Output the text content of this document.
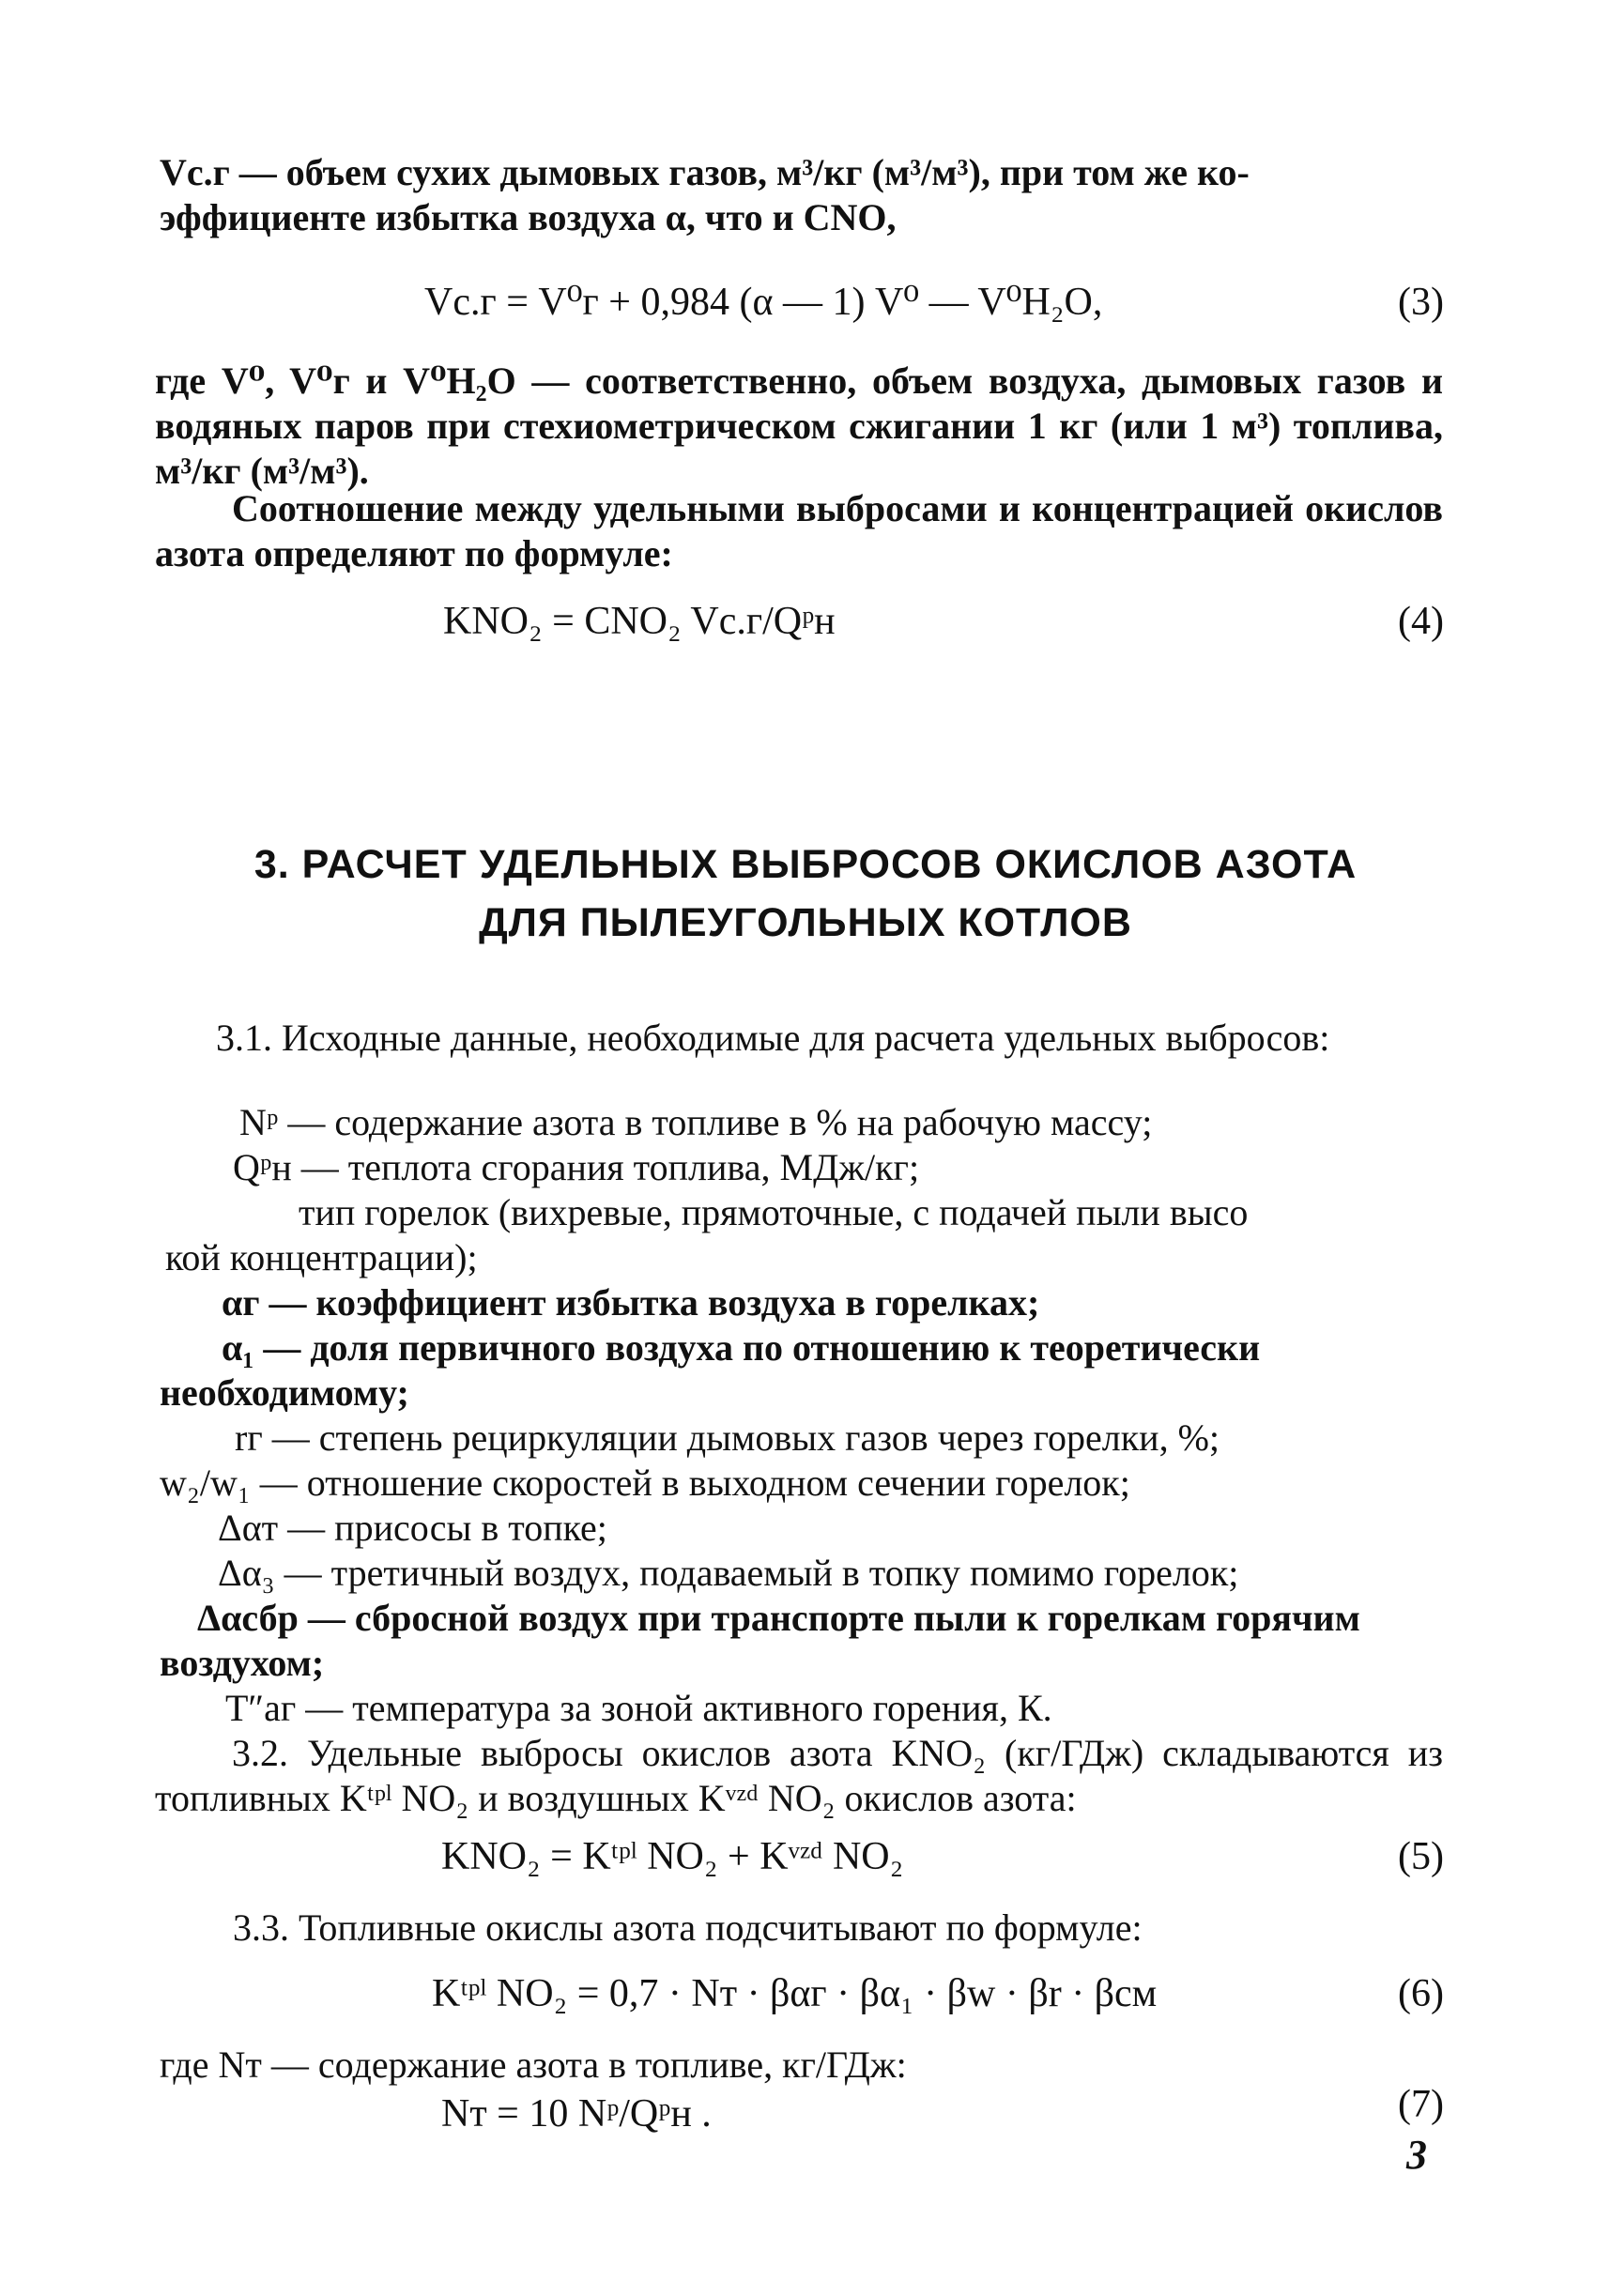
Vс.г — объем сухих дымовых газов, м³/кг (м³/м³), при том же ко-
эффициенте избытка воздуха α, что и CNO,
Vс.г = V⁰г + 0,984 (α — 1) V⁰ — V⁰H₂O,	(3)
где V⁰, V⁰г и V⁰H₂O — соответственно, объем воздуха, дымовых газов и водяных паров при стехиометрическом сжигании 1 кг (или 1 м³) топлива, м³/кг (м³/м³).
Соотношение между удельными выбросами и концентрацией окислов азота определяют по формуле:
KNO₂ = CNO₂ Vс.г/Qᵖн	(4)
3. РАСЧЕТ УДЕЛЬНЫХ ВЫБРОСОВ ОКИСЛОВ АЗОТА
ДЛЯ ПЫЛЕУГОЛЬНЫХ КОТЛОВ
3.1. Исходные данные, необходимые для расчета удельных выбросов:
Nᵖ — содержание азота в топливе в % на рабочую массу;
Qᵖн — теплота сгорания топлива, МДж/кг;
тип горелок (вихревые, прямоточные, с подачей пыли высо
кой концентрации);
αг — коэффициент избытка воздуха в горелках;
α₁ — доля первичного воздуха по отношению к теоретически
необходимому;
rг — степень рециркуляции дымовых газов через горелки, %;
w₂/w₁ — отношение скоростей в выходном сечении горелок;
Δαт — присосы в топке;
Δα₃ — третичный воздух, подаваемый в топку помимо горелок;
Δαсбр — сбросной воздух при транспорте пыли к горелкам горячим
воздухом;
T″аг — температура за зоной активного горения, К.
3.2. Удельные выбросы окислов азота KNO₂ (кг/ГДж) складываются из топливных Kᵗᵖˡ NO₂ и воздушных Kᵛᶻᵈ NO₂ окислов азота:
KNO₂ = Kᵗᵖˡ NO₂ + Kᵛᶻᵈ NO₂	(5)
3.3. Топливные окислы азота подсчитывают по формуле:
Kᵗᵖˡ NO₂ = 0,7 · Nт · βαг · βα₁ · βw · βr · βсм	(6)
где Nт — содержание азота в топливе, кг/ГДж:
Nт = 10 Nᵖ/Qᵖн .	(7)
3
